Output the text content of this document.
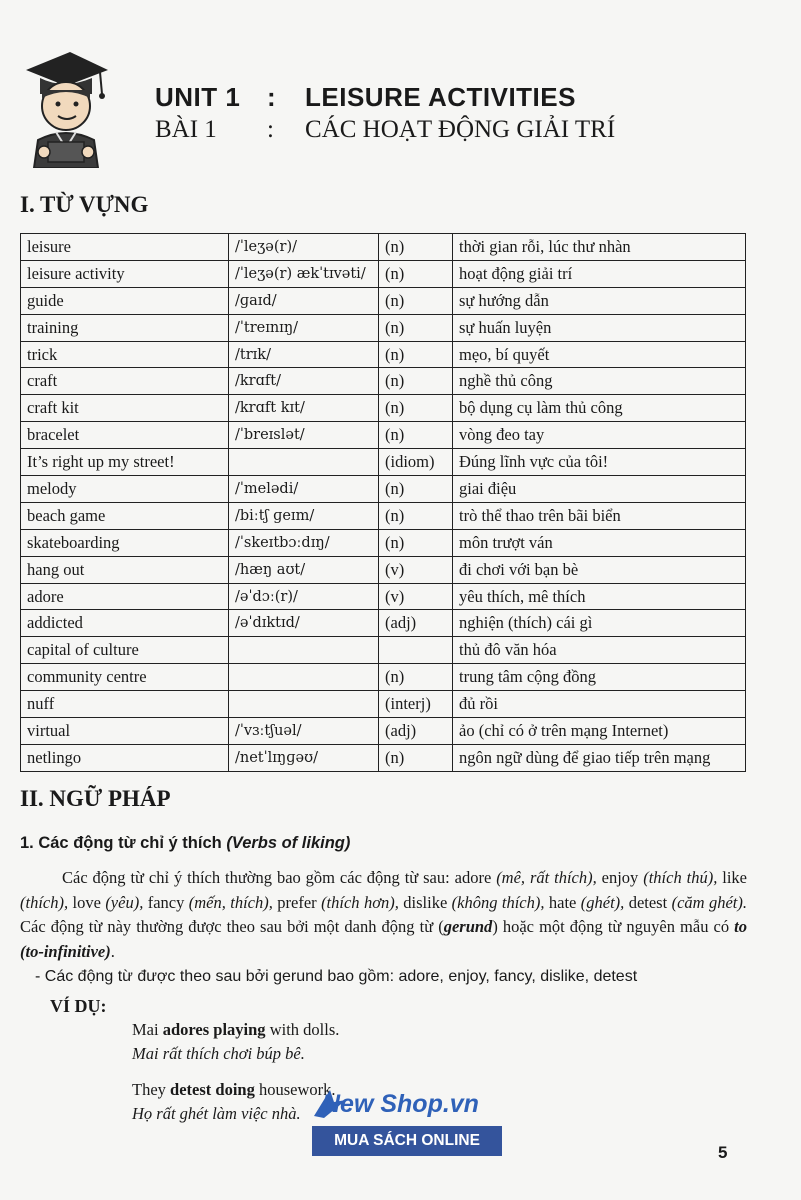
UNIT 1 : LEISURE ACTIVITIES
BÀI 1 : CÁC HOẠT ĐỘNG GIẢI TRÍ
I. TỪ VỰNG
leisure	/ˈleʒə(r)/	(n)	thời gian rỗi, lúc thư nhàn
leisure activity	/ˈleʒə(r) ækˈtɪvəti/	(n)	hoạt động giải trí
guide	/ɡaɪd/	(n)	sự hướng dẫn
training	/ˈtreɪnɪŋ/	(n)	sự huấn luyện
trick	/trɪk/	(n)	mẹo, bí quyết
craft	/krɑft/	(n)	nghề thủ công
craft kit	/krɑft kɪt/	(n)	bộ dụng cụ làm thủ công
bracelet	/ˈbreɪslət/	(n)	vòng đeo tay
It’s right up my street!		(idiom)	Đúng lĩnh vực của tôi!
melody	/ˈmelədi/	(n)	giai điệu
beach game	/biːtʃ ɡeɪm/	(n)	trò thể thao trên bãi biển
skateboarding	/ˈskeɪtbɔːdɪŋ/	(n)	môn trượt ván
hang out	/hæŋ aʊt/	(v)	đi chơi với bạn bè
adore	/əˈdɔː(r)/	(v)	yêu thích, mê thích
addicted	/əˈdɪktɪd/	(adj)	nghiện (thích) cái gì
capital of culture			thủ đô văn hóa
community centre		(n)	trung tâm cộng đồng
nuff		(interj)	đủ rồi
virtual	/ˈvɜːtʃuəl/	(adj)	ảo (chỉ có ở trên mạng Internet)
netlingo	/netˈlɪŋɡəʊ/	(n)	ngôn ngữ dùng để giao tiếp trên mạng
II. NGỮ PHÁP
1. Các động từ chỉ ý thích (Verbs of liking)
Các động từ chỉ ý thích thường bao gồm các động từ sau: adore (mê, rất thích), enjoy (thích thú), like (thích), love (yêu), fancy (mến, thích), prefer (thích hơn), dislike (không thích), hate (ghét), detest (căm ghét). Các động từ này thường được theo sau bởi một danh động từ (gerund) hoặc một động từ nguyên mẫu có to (to-infinitive).
- Các động từ được theo sau bởi gerund bao gồm: adore, enjoy, fancy, dislike, detest
VÍ DỤ:
Mai adores playing with dolls.
Mai rất thích chơi búp bê.
They detest doing housework.
Họ rất ghét làm việc nhà. New Shop.vn
MUA SÁCH ONLINE
5
